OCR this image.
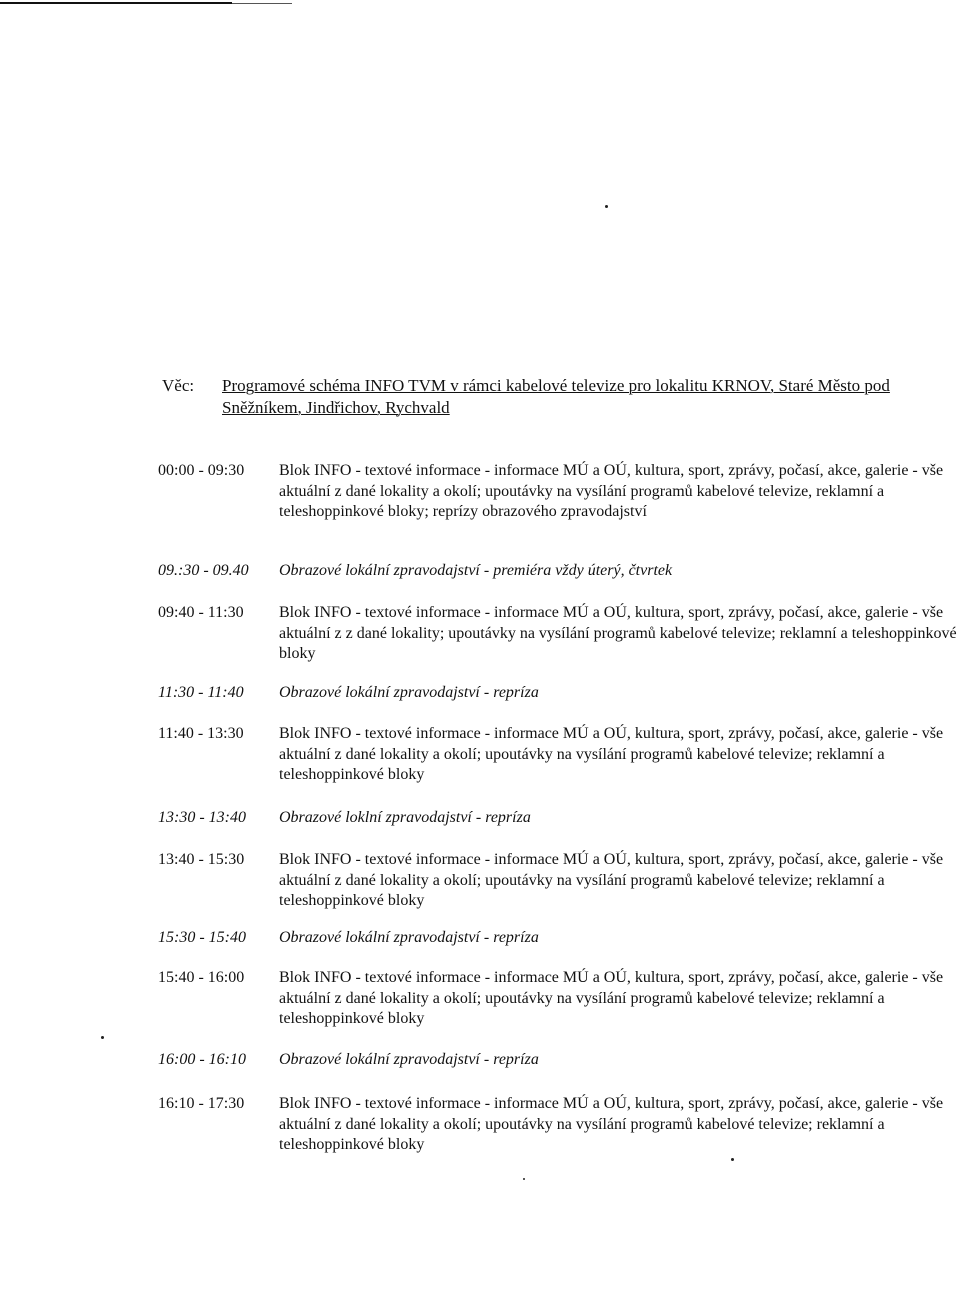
Věc:	Programové schéma INFO TVM v rámci kabelové televize pro lokalitu KRNOV, Staré Město pod Sněžníkem, Jindřichov, Rychvald
00:00 - 09:30	Blok INFO - textové informace - informace MÚ a OÚ, kultura, sport, zprávy, počasí, akce, galerie - vše aktuální z dané lokality a okolí; upoutávky na vysílání programů kabelové televize, reklamní a teleshoppinkové bloky; reprízy obrazového zpravodajství
09.:30 - 09.40	Obrazové lokální zpravodajství - premiéra vždy úterý, čtvrtek
09:40 - 11:30	Blok INFO - textové informace - informace MÚ a OÚ, kultura, sport, zprávy, počasí, akce, galerie - vše aktuální z z dané lokality; upoutávky na vysílání programů kabelové televize; reklamní a teleshoppinkové bloky
11:30 - 11:40	Obrazové lokální zpravodajství - repríza
11:40 - 13:30	Blok INFO - textové informace - informace MÚ a OÚ, kultura, sport, zprávy, počasí, akce, galerie - vše aktuální z dané lokality a okolí; upoutávky na vysílání programů kabelové televize; reklamní a teleshoppinkové bloky
13:30 - 13:40	Obrazové loklní zpravodajství - repríza
13:40 - 15:30	Blok INFO - textové informace - informace MÚ a OÚ, kultura, sport, zprávy, počasí, akce, galerie - vše aktuální z dané lokality a okolí; upoutávky na vysílání programů kabelové televize; reklamní a teleshoppinkové bloky
15:30 - 15:40	Obrazové lokální zpravodajství - repríza
15:40 - 16:00	Blok INFO - textové informace - informace MÚ a OÚ, kultura, sport, zprávy, počasí, akce, galerie - vše aktuální z dané lokality a okolí; upoutávky na vysílání programů kabelové televize; reklamní a teleshoppinkové bloky
16:00 - 16:10	Obrazové lokální zpravodajství - repríza
16:10 - 17:30	Blok INFO - textové informace - informace MÚ a OÚ, kultura, sport, zprávy, počasí, akce, galerie - vše aktuální z dané lokality a okolí; upoutávky na vysílání programů kabelové televize; reklamní a teleshoppinkové bloky
